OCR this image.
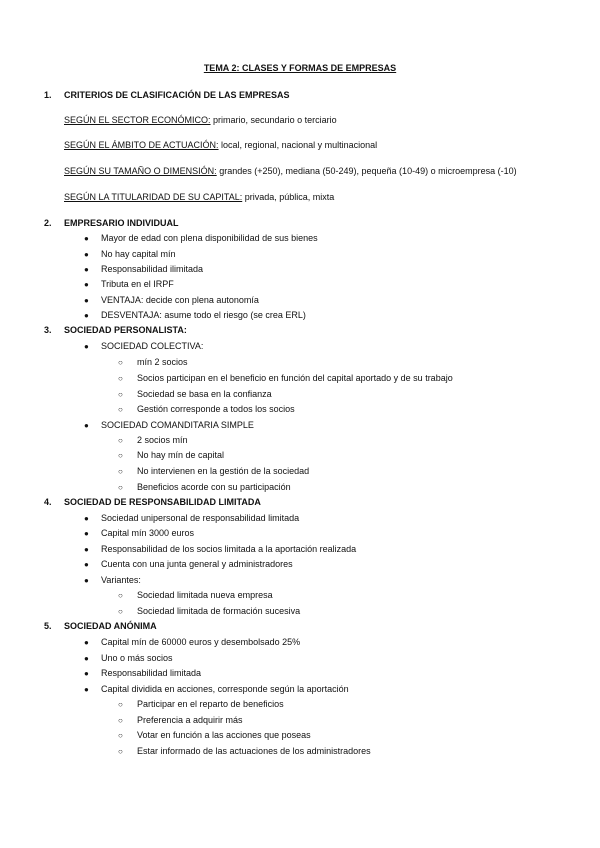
TEMA 2: CLASES Y FORMAS DE EMPRESAS
1. CRITERIOS DE CLASIFICACIÓN DE LAS EMPRESAS
SEGÚN EL SECTOR ECONÓMICO: primario, secundario o terciario
SEGÚN EL ÁMBITO DE ACTUACIÓN: local, regional, nacional y multinacional
SEGÚN SU TAMAÑO O DIMENSIÓN: grandes (+250), mediana (50-249), pequeña (10-49) o microempresa (-10)
SEGÚN LA TITULARIDAD DE SU CAPITAL: privada, pública, mixta
2. EMPRESARIO INDIVIDUAL
● Mayor de edad con plena disponibilidad de sus bienes
● No hay capital mín
● Responsabilidad ilimitada
● Tributa en el IRPF
● VENTAJA: decide con plena autonomía
● DESVENTAJA: asume todo el riesgo (se crea ERL)
3. SOCIEDAD PERSONALISTA:
● SOCIEDAD COLECTIVA:
○ mín 2 socios
○ Socios participan en el beneficio en función del capital aportado y de su trabajo
○ Sociedad se basa en la confianza
○ Gestión corresponde a todos los socios
● SOCIEDAD COMANDITARIA SIMPLE
○ 2 socios mín
○ No hay mín de capital
○ No intervienen en la gestión de la sociedad
○ Beneficios acorde con su participación
4. SOCIEDAD DE RESPONSABILIDAD LIMITADA
● Sociedad unipersonal de responsabilidad limitada
● Capital mín 3000 euros
● Responsabilidad de los socios limitada a la aportación realizada
● Cuenta con una junta general y administradores
● Variantes:
○ Sociedad limitada nueva empresa
○ Sociedad limitada de formación sucesiva
5. SOCIEDAD ANÓNIMA
● Capital mín de 60000 euros y desembolsado 25%
● Uno o más socios
● Responsabilidad limitada
● Capital dividida en acciones, corresponde según la aportación
○ Participar en el reparto de beneficios
○ Preferencia a adquirir más
○ Votar en función a las acciones que poseas
○ Estar informado de las actuaciones de los administradores
